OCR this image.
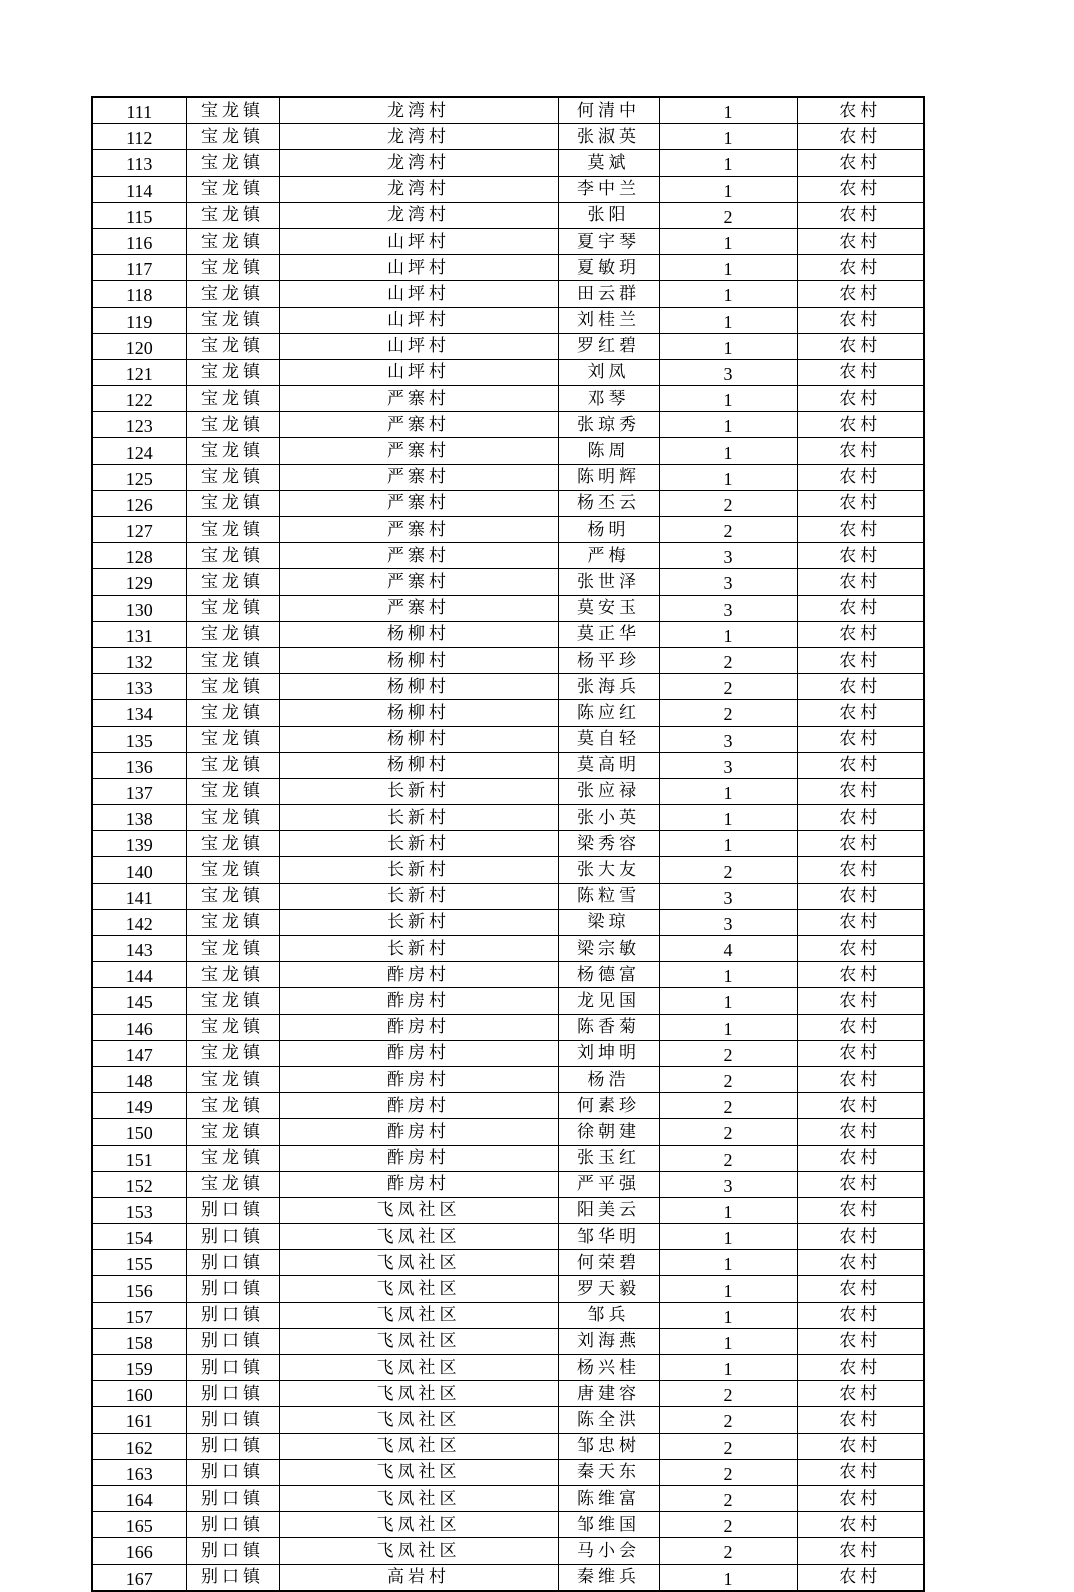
111	宝龙镇	龙湾村	何清中	1	农村
112	宝龙镇	龙湾村	张淑英	1	农村
113	宝龙镇	龙湾村	莫斌	1	农村
114	宝龙镇	龙湾村	李中兰	1	农村
115	宝龙镇	龙湾村	张阳	2	农村
116	宝龙镇	山坪村	夏宇琴	1	农村
117	宝龙镇	山坪村	夏敏玥	1	农村
118	宝龙镇	山坪村	田云群	1	农村
119	宝龙镇	山坪村	刘桂兰	1	农村
120	宝龙镇	山坪村	罗红碧	1	农村
121	宝龙镇	山坪村	刘凤	3	农村
122	宝龙镇	严寨村	邓琴	1	农村
123	宝龙镇	严寨村	张琼秀	1	农村
124	宝龙镇	严寨村	陈周	1	农村
125	宝龙镇	严寨村	陈明辉	1	农村
126	宝龙镇	严寨村	杨丕云	2	农村
127	宝龙镇	严寨村	杨明	2	农村
128	宝龙镇	严寨村	严梅	3	农村
129	宝龙镇	严寨村	张世泽	3	农村
130	宝龙镇	严寨村	莫安玉	3	农村
131	宝龙镇	杨柳村	莫正华	1	农村
132	宝龙镇	杨柳村	杨平珍	2	农村
133	宝龙镇	杨柳村	张海兵	2	农村
134	宝龙镇	杨柳村	陈应红	2	农村
135	宝龙镇	杨柳村	莫自轻	3	农村
136	宝龙镇	杨柳村	莫高明	3	农村
137	宝龙镇	长新村	张应禄	1	农村
138	宝龙镇	长新村	张小英	1	农村
139	宝龙镇	长新村	梁秀容	1	农村
140	宝龙镇	长新村	张大友	2	农村
141	宝龙镇	长新村	陈粒雪	3	农村
142	宝龙镇	长新村	梁琼	3	农村
143	宝龙镇	长新村	梁宗敏	4	农村
144	宝龙镇	酢房村	杨德富	1	农村
145	宝龙镇	酢房村	龙见国	1	农村
146	宝龙镇	酢房村	陈香菊	1	农村
147	宝龙镇	酢房村	刘坤明	2	农村
148	宝龙镇	酢房村	杨浩	2	农村
149	宝龙镇	酢房村	何素珍	2	农村
150	宝龙镇	酢房村	徐朝建	2	农村
151	宝龙镇	酢房村	张玉红	2	农村
152	宝龙镇	酢房村	严平强	3	农村
153	别口镇	飞凤社区	阳美云	1	农村
154	别口镇	飞凤社区	邹华明	1	农村
155	别口镇	飞凤社区	何荣碧	1	农村
156	别口镇	飞凤社区	罗天毅	1	农村
157	别口镇	飞凤社区	邹兵	1	农村
158	别口镇	飞凤社区	刘海燕	1	农村
159	别口镇	飞凤社区	杨兴桂	1	农村
160	别口镇	飞凤社区	唐建容	2	农村
161	别口镇	飞凤社区	陈全洪	2	农村
162	别口镇	飞凤社区	邹忠树	2	农村
163	别口镇	飞凤社区	秦天东	2	农村
164	别口镇	飞凤社区	陈维富	2	农村
165	别口镇	飞凤社区	邹维国	2	农村
166	别口镇	飞凤社区	马小会	2	农村
167	别口镇	高岩村	秦维兵	1	农村
